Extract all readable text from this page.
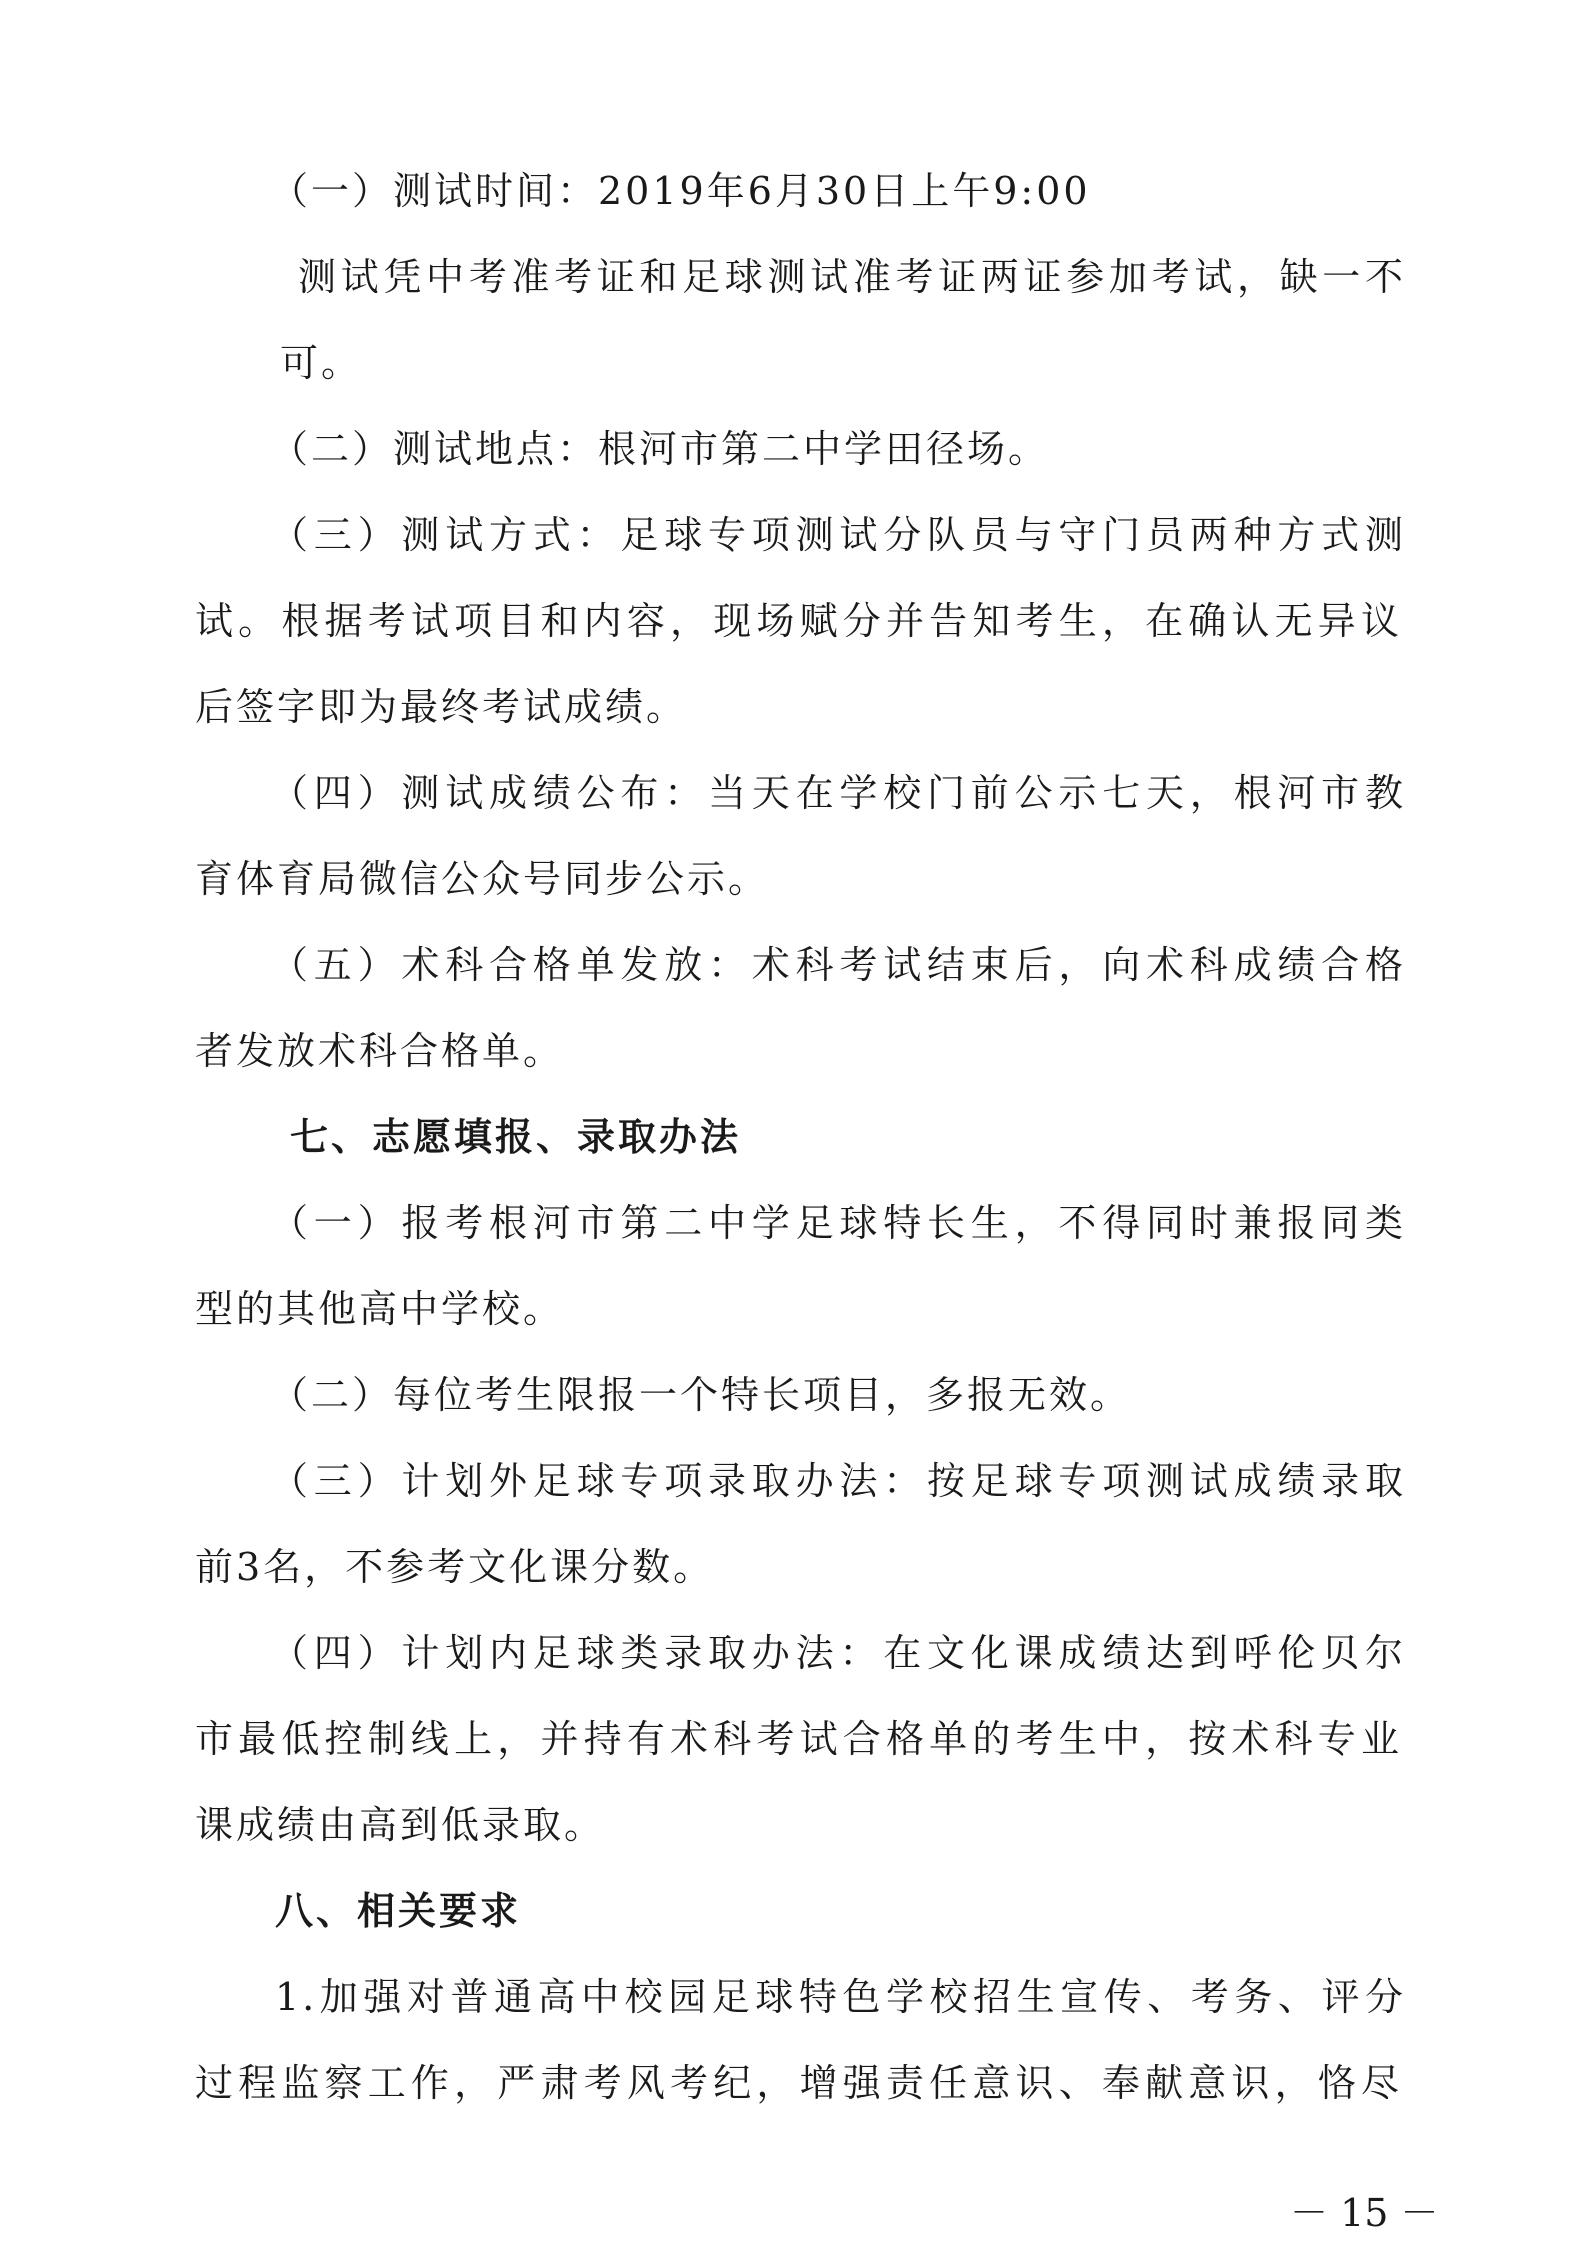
（一）测试时间：2019年6月30日上午9:00
测试凭中考准考证和足球测试准考证两证参加考试，缺一不
可。
（二）测试地点：根河市第二中学田径场。
（三）测试方式：足球专项测试分队员与守门员两种方式测
试。根据考试项目和内容，现场赋分并告知考生，在确认无异议
后签字即为最终考试成绩。
（四）测试成绩公布：当天在学校门前公示七天，根河市教
育体育局微信公众号同步公示。
（五）术科合格单发放：术科考试结束后，向术科成绩合格
者发放术科合格单。
七、志愿填报、录取办法
（一）报考根河市第二中学足球特长生，不得同时兼报同类
型的其他高中学校。
（二）每位考生限报一个特长项目，多报无效。
（三）计划外足球专项录取办法：按足球专项测试成绩录取
前3名，不参考文化课分数。
（四）计划内足球类录取办法：在文化课成绩达到呼伦贝尔
市最低控制线上，并持有术科考试合格单的考生中，按术科专业
课成绩由高到低录取。
八、相关要求
1.加强对普通高中校园足球特色学校招生宣传、考务、评分
过程监察工作，严肃考风考纪，增强责任意识、奉献意识，恪尽
－ 15 －
